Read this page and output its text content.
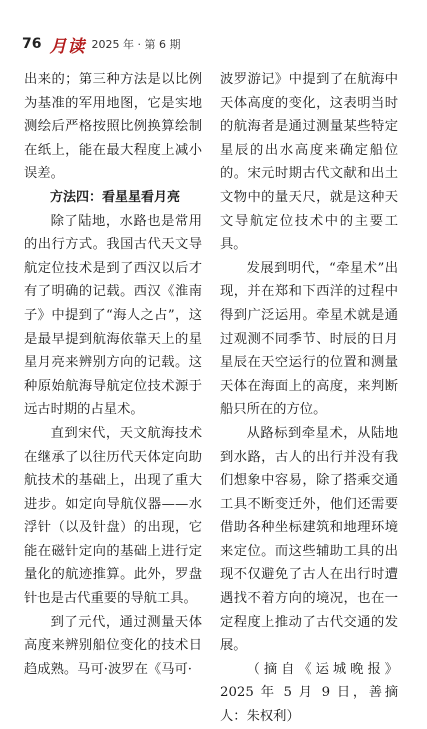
76 月读 2025 年 · 第 6 期

出来的；第三种方法是以比例为基准的军用地图，它是实地测绘后严格按照比例换算绘制在纸上，能在最大程度上减小误差。

方法四：看星星看月亮

除了陆地，水路也是常用的出行方式。我国古代天文导航定位技术是到了西汉以后才有了明确的记载。西汉《淮南子》中提到了“海人之占”，这是最早提到航海依靠天上的星星月亮来辨别方向的记载。这种原始航海导航定位技术源于远古时期的占星术。

直到宋代，天文航海技术在继承了以往历代天体定向助航技术的基础上，出现了重大进步。如定向导航仪器——水浮针（以及针盘）的出现，它能在磁针定向的基础上进行定量化的航迹推算。此外，罗盘针也是古代重要的导航工具。

到了元代，通过测量天体高度来辨别船位变化的技术日趋成熟。马可·波罗在《马可·

波罗游记》中提到了在航海中天体高度的变化，这表明当时的航海者是通过测量某些特定星辰的出水高度来确定船位的。宋元时期古代文献和出土文物中的量天尺，就是这种天文导航定位技术中的主要工具。

发展到明代，“牵星术”出现，并在郑和下西洋的过程中得到广泛运用。牵星术就是通过观测不同季节、时辰的日月星辰在天空运行的位置和测量天体在海面上的高度，来判断船只所在的方位。

从路标到牵星术，从陆地到水路，古人的出行并没有我们想象中容易，除了搭乘交通工具不断变迁外，他们还需要借助各种坐标建筑和地理环境来定位。而这些辅助工具的出现不仅避免了古人在出行时遭遇找不着方向的境况，也在一定程度上推动了古代交通的发展。

（摘自《运城晚报》2025 年 5 月 9 日，善摘人：朱权利）
